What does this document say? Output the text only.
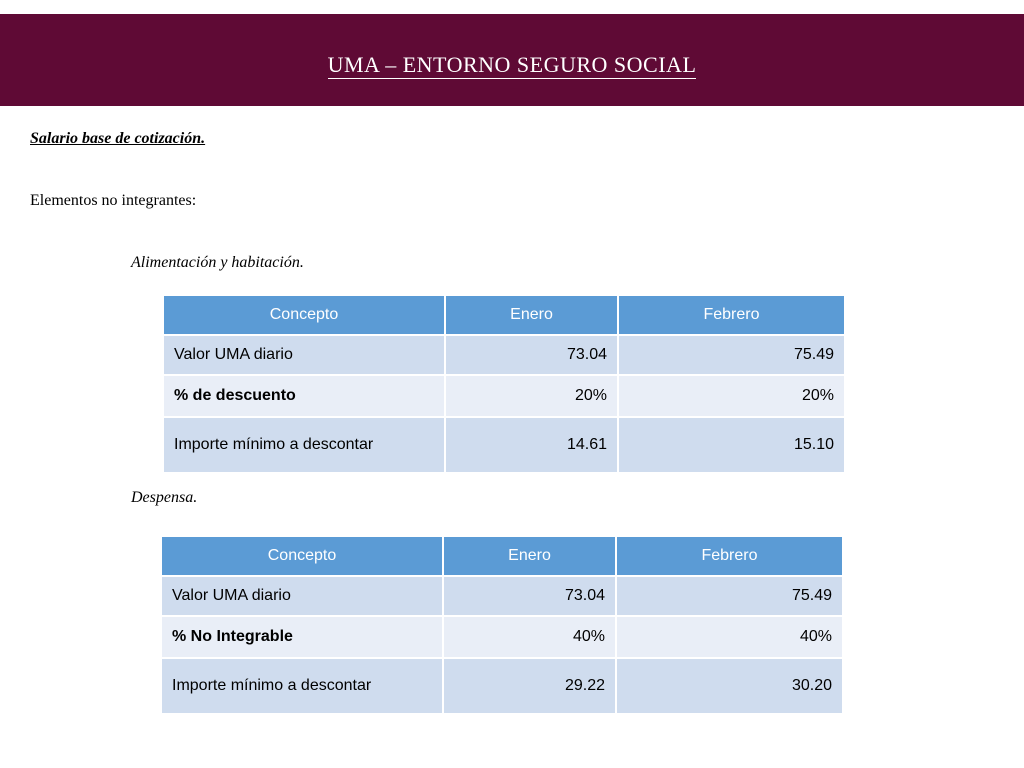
UMA – ENTORNO SEGURO SOCIAL
Salario base de cotización.
Elementos no integrantes:
Alimentación y habitación.
Concepto	Enero	Febrero
Valor UMA diario	73.04	75.49
% de descuento	20%	20%
Importe mínimo a descontar	14.61	15.10
Despensa.
Concepto	Enero	Febrero
Valor UMA diario	73.04	75.49
% No Integrable	40%	40%
Importe mínimo a descontar	29.22	30.20
